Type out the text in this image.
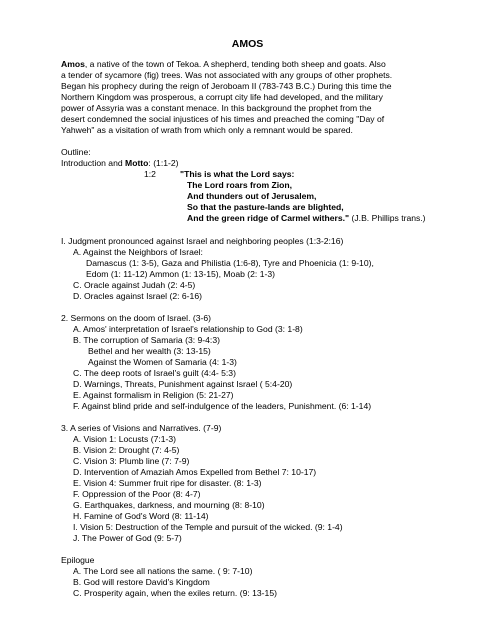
AMOS
Amos, a native of the town of Tekoa. A shepherd, tending both sheep and goats. Also
a tender of sycamore (fig) trees. Was not associated with any groups of other prophets.
Began his prophecy during the reign of Jeroboam II (783-743 B.C.) During this time the
Northern Kingdom was prosperous, a corrupt city life had developed, and the military
power of Assyria was a constant menace. In this background the prophet from the
desert condemned the social injustices of his times and preached the coming "Day of
Yahweh" as a visitation of wrath from which only a remnant would be spared.
Outline:
Introduction and Motto: (1:1-2)
1:2	"This is what the Lord says:
The Lord roars from Zion,
And thunders out of Jerusalem,
So that the pasture-lands are blighted,
And the green ridge of Carmel withers." (J.B. Phillips trans.)
I. Judgment pronounced against Israel and neighboring peoples (1:3-2:16)
A. Against the Neighbors of Israel:
Damascus (1: 3-5), Gaza and Philistia (1:6-8), Tyre and Phoenicia (1: 9-10),
Edom (1: 11-12) Ammon (1: 13-15), Moab (2: 1-3)
C. Oracle against Judah (2: 4-5)
D. Oracles against Israel (2: 6-16)
2. Sermons on the doom of Israel. (3-6)
A. Amos' interpretation of Israel's relationship to God (3: 1-8)
B. The corruption of Samaria (3: 9-4:3)
Bethel and her wealth (3: 13-15)
Against the Women of Samaria (4: 1-3)
C. The deep roots of Israel's guilt (4:4- 5:3)
D. Warnings, Threats, Punishment against Israel ( 5:4-20)
E. Against formalism in Religion (5: 21-27)
F. Against blind pride and self-indulgence of the leaders, Punishment. (6: 1-14)
3. A series of Visions and Narratives. (7-9)
A. Vision 1: Locusts (7:1-3)
B. Vision 2: Drought (7: 4-5)
C. Vision 3: Plumb line (7: 7-9)
D. Intervention of Amaziah Amos Expelled from Bethel 7: 10-17)
E. Vision 4: Summer fruit ripe for disaster. (8: 1-3)
F. Oppression of the Poor (8: 4-7)
G. Earthquakes, darkness, and mourning (8: 8-10)
H. Famine of God's Word (8: 11-14)
I. Vision 5: Destruction of the Temple and pursuit of the wicked. (9: 1-4)
J. The Power of God (9: 5-7)
Epilogue
A. The Lord see all nations the same. ( 9: 7-10)
B. God will restore David's Kingdom
C. Prosperity again, when the exiles return. (9: 13-15)
